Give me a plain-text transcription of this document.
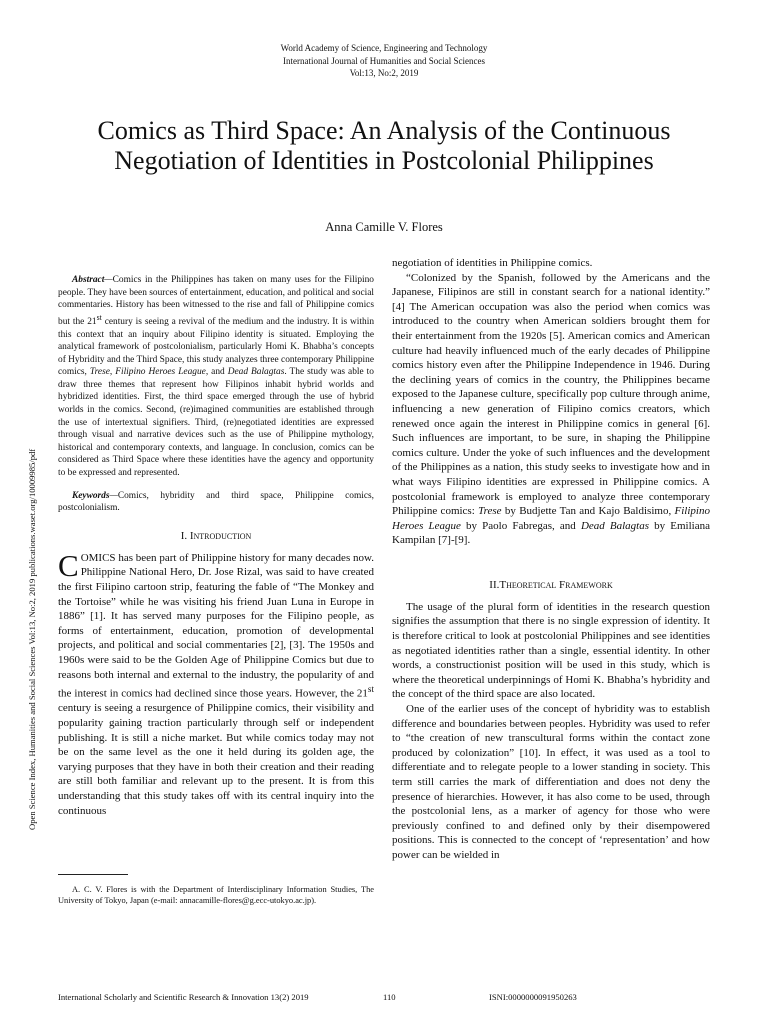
World Academy of Science, Engineering and Technology
International Journal of Humanities and Social Sciences
Vol:13, No:2, 2019
Comics as Third Space: An Analysis of the Continuous Negotiation of Identities in Postcolonial Philippines
Anna Camille V. Flores
Open Science Index, Humanities and Social Sciences Vol:13, No:2, 2019 publications.waset.org/10009985/pdf

Abstract—Comics in the Philippines has taken on many uses for the Filipino people. They have been sources of entertainment, education, and political and social commentaries. History has been witnessed to the rise and fall of Philippine comics but the 21st century is seeing a revival of the medium and the industry. It is within this context that an inquiry about Filipino identity is situated. Employing the analytical framework of postcolonialism, particularly Homi K. Bhabha’s concepts of Hybridity and the Third Space, this study analyzes three contemporary Philippine comics, Trese, Filipino Heroes League, and Dead Balagtas. The study was able to draw three themes that represent how Filipinos inhabit hybrid worlds and hybridized identities. First, the third space emerged through the use of hybrid worlds in the comics. Second, (re)imagined communities are established through the use of intertextual signifiers. Third, (re)negotiated identities are expressed through visual and narrative devices such as the use of Philippine mythology, historical and contemporary contexts, and language. In conclusion, comics can be considered as Third Space where these identities have the agency and opportunity to be expressed and represented.

Keywords—Comics, hybridity and third space, Philippine comics, postcolonialism.

I. Introduction

COMICS has been part of Philippine history for many decades now. Philippine National Hero, Dr. Jose Rizal, was said to have created the first Filipino cartoon strip, featuring the fable of “The Monkey and the Tortoise” while he was visiting his friend Juan Luna in Europe in 1886” [1]. It has served many purposes for the Filipino people, as forms of entertainment, education, promotion of developmental projects, and political and social commentaries [2], [3]. The 1950s and 1960s were said to be the Golden Age of Philippine Comics but due to reasons both internal and external to the industry, the popularity of and the interest in comics had declined since those years. However, the 21st century is seeing a resurgence of Philippine comics, their visibility and popularity gaining traction particularly through self or independent publishing. It is still a niche market. But while comics today may not be on the same level as the one it held during its golden age, the varying purposes that they have in both their creation and their reading are still both familiar and relevant up to the present. It is from this understanding that this study takes off with its central inquiry into the continuous

A. C. V. Flores is with the Department of Interdisciplinary Information Studies, The University of Tokyo, Japan (e-mail: annacamille-flores@g.ecc-utokyo.ac.jp).

negotiation of identities in Philippine comics.

“Colonized by the Spanish, followed by the Americans and the Japanese, Filipinos are still in constant search for a national identity.” [4] The American occupation was also the period when comics was introduced to the country when American soldiers brought them for their entertainment from the 1920s [5]. American comics and American culture had heavily influenced much of the early decades of Philippine comics history even after the Philippine Independence in 1946. During the declining years of comics in the country, the Philippines became exposed to the Japanese culture, specifically pop culture through anime, influencing a new generation of Filipino comics creators, which renewed once again the interest in Philippine comics in general [6]. Such influences are important, to be sure, in shaping the Philippine comics culture. Under the yoke of such influences and the development of the Philippines as a nation, this study seeks to investigate how and in what ways Filipino identities are expressed in Philippine comics. A postcolonial framework is employed to analyze three contemporary Philippine comics: Trese by Budjette Tan and Kajo Baldisimo, Filipino Heroes League by Paolo Fabregas, and Dead Balagtas by Emiliana Kampilan [7]-[9].

II.Theoretical Framework

The usage of the plural form of identities in the research question signifies the assumption that there is no single expression of identity. It is therefore critical to look at postcolonial Philippines and see identities as negotiated identities rather than a single, essential identity. In other words, a constructionist position will be used in this study, which is where the theoretical underpinnings of Homi K. Bhabha’s hybridity and the concept of the third space are also located.

One of the earlier uses of the concept of hybridity was to establish difference and boundaries between peoples. Hybridity was used to refer to “the creation of new transcultural forms within the contact zone produced by colonization” [10]. In effect, it was used as a tool to differentiate and to relegate people to a lower standing in society. This term still carries the mark of differentiation and does not deny the presence of hierarchies. However, it has also come to be used, through the postcolonial lens, as a marker of agency for those who were previously confined to and defined only by their disempowered positions. This is connected to the concept of ‘representation’ and how power can be wielded in

International Scholarly and Scientific Research & Innovation 13(2) 2019	110	ISNI:0000000091950263
